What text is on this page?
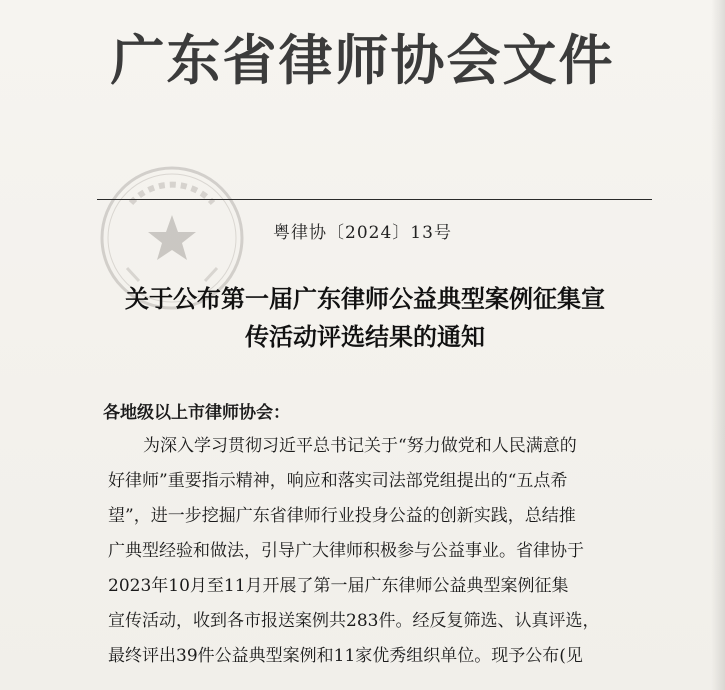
广东省律师协会文件
粤律协〔2024〕13号
关于公布第一届广东律师公益典型案例征集宣
传活动评选结果的通知
各地级以上市律师协会：
为深入学习贯彻习近平总书记关于“努力做党和人民满意的
好律师”重要指示精神，响应和落实司法部党组提出的“五点希
望”，进一步挖掘广东省律师行业投身公益的创新实践，总结推
广典型经验和做法，引导广大律师积极参与公益事业。省律协于
2023年10月至11月开展了第一届广东律师公益典型案例征集
宣传活动，收到各市报送案例共283件。经反复筛选、认真评选，
最终评出39件公益典型案例和11家优秀组织单位。现予公布(见
